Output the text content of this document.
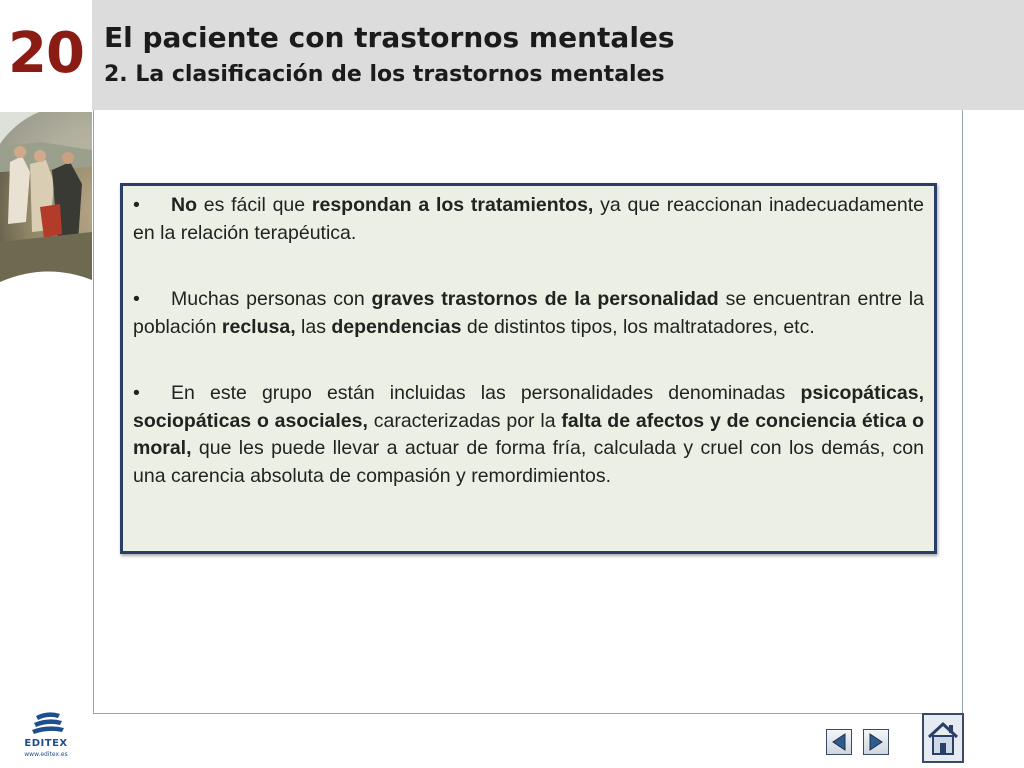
20 El paciente con trastornos mentales
2. La clasificación de los trastornos mentales

• No es fácil que respondan a los tratamientos, ya que reaccionan inadecuadamente en la relación terapéutica.

• Muchas personas con graves trastornos de la personalidad se encuentran entre la población reclusa, las dependencias de distintos tipos, los maltratadores, etc.

• En este grupo están incluidas las personalidades denominadas psicopáticas, sociopáticas o asociales, caracterizadas por la falta de afectos y de conciencia ética o moral, que les puede llevar a actuar de forma fría, calculada y cruel con los demás, con una carencia absoluta de compasión y remordimientos.

EDITEX
www.editex.es
